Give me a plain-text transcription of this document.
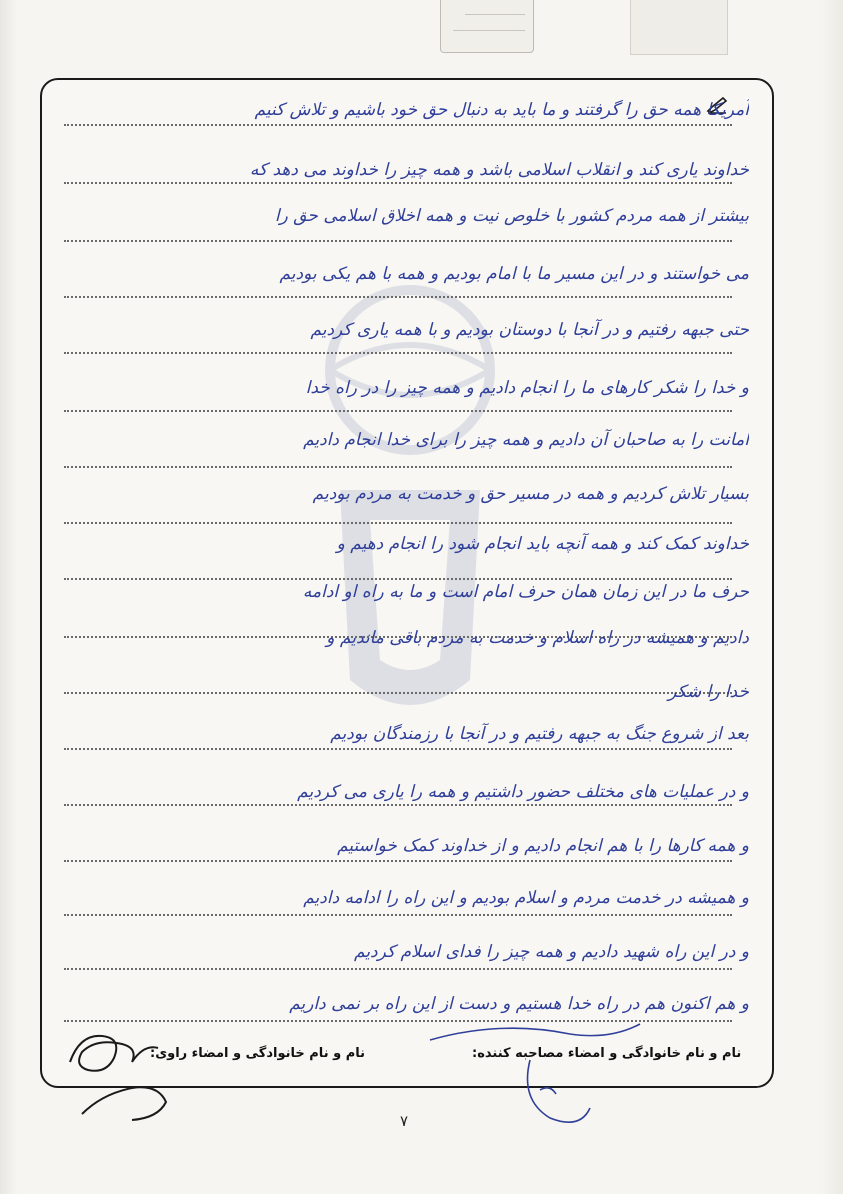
آمریکا همه حق را گرفتند و ما باید به دنبال حق خود باشیم و تلاش کنیم
خداوند یاری کند و انقلاب اسلامی باشد و همه چیز را خداوند می دهد که
بیشتر از همه مردم کشور با خلوص نیت و همه اخلاق اسلامی حق را
می خواستند و در این مسیر ما با امام بودیم و همه با هم یکی بودیم
حتی جبهه رفتیم و در آنجا با دوستان بودیم و با همه یاری کردیم
و خدا را شکر کارهای ما را انجام دادیم و همه چیز را در راه خدا
امانت را به صاحبان آن دادیم و همه چیز را برای خدا انجام دادیم
بسیار تلاش کردیم و همه در مسیر حق و خدمت به مردم بودیم
خداوند کمک کند و همه آنچه باید انجام شود را انجام دهیم و
حرف ما در این زمان همان حرف امام است و ما به راه او ادامه
دادیم و همیشه در راه اسلام و خدمت به مردم باقی ماندیم و
خدا را شکر
بعد از شروع جنگ به جبهه رفتیم و در آنجا با رزمندگان بودیم
و در عملیات های مختلف حضور داشتیم و همه را یاری می کردیم
و همه کارها را با هم انجام دادیم و از خداوند کمک خواستیم
و همیشه در خدمت مردم و اسلام بودیم و این راه را ادامه دادیم
و در این راه شهید دادیم و همه چیز را فدای اسلام کردیم
و هم اکنون هم در راه خدا هستیم و دست از این راه بر نمی داریم
نام و نام خانوادگی و امضاء راوی:	نام و نام خانوادگی و امضاء مصاحبه کننده:
۷
